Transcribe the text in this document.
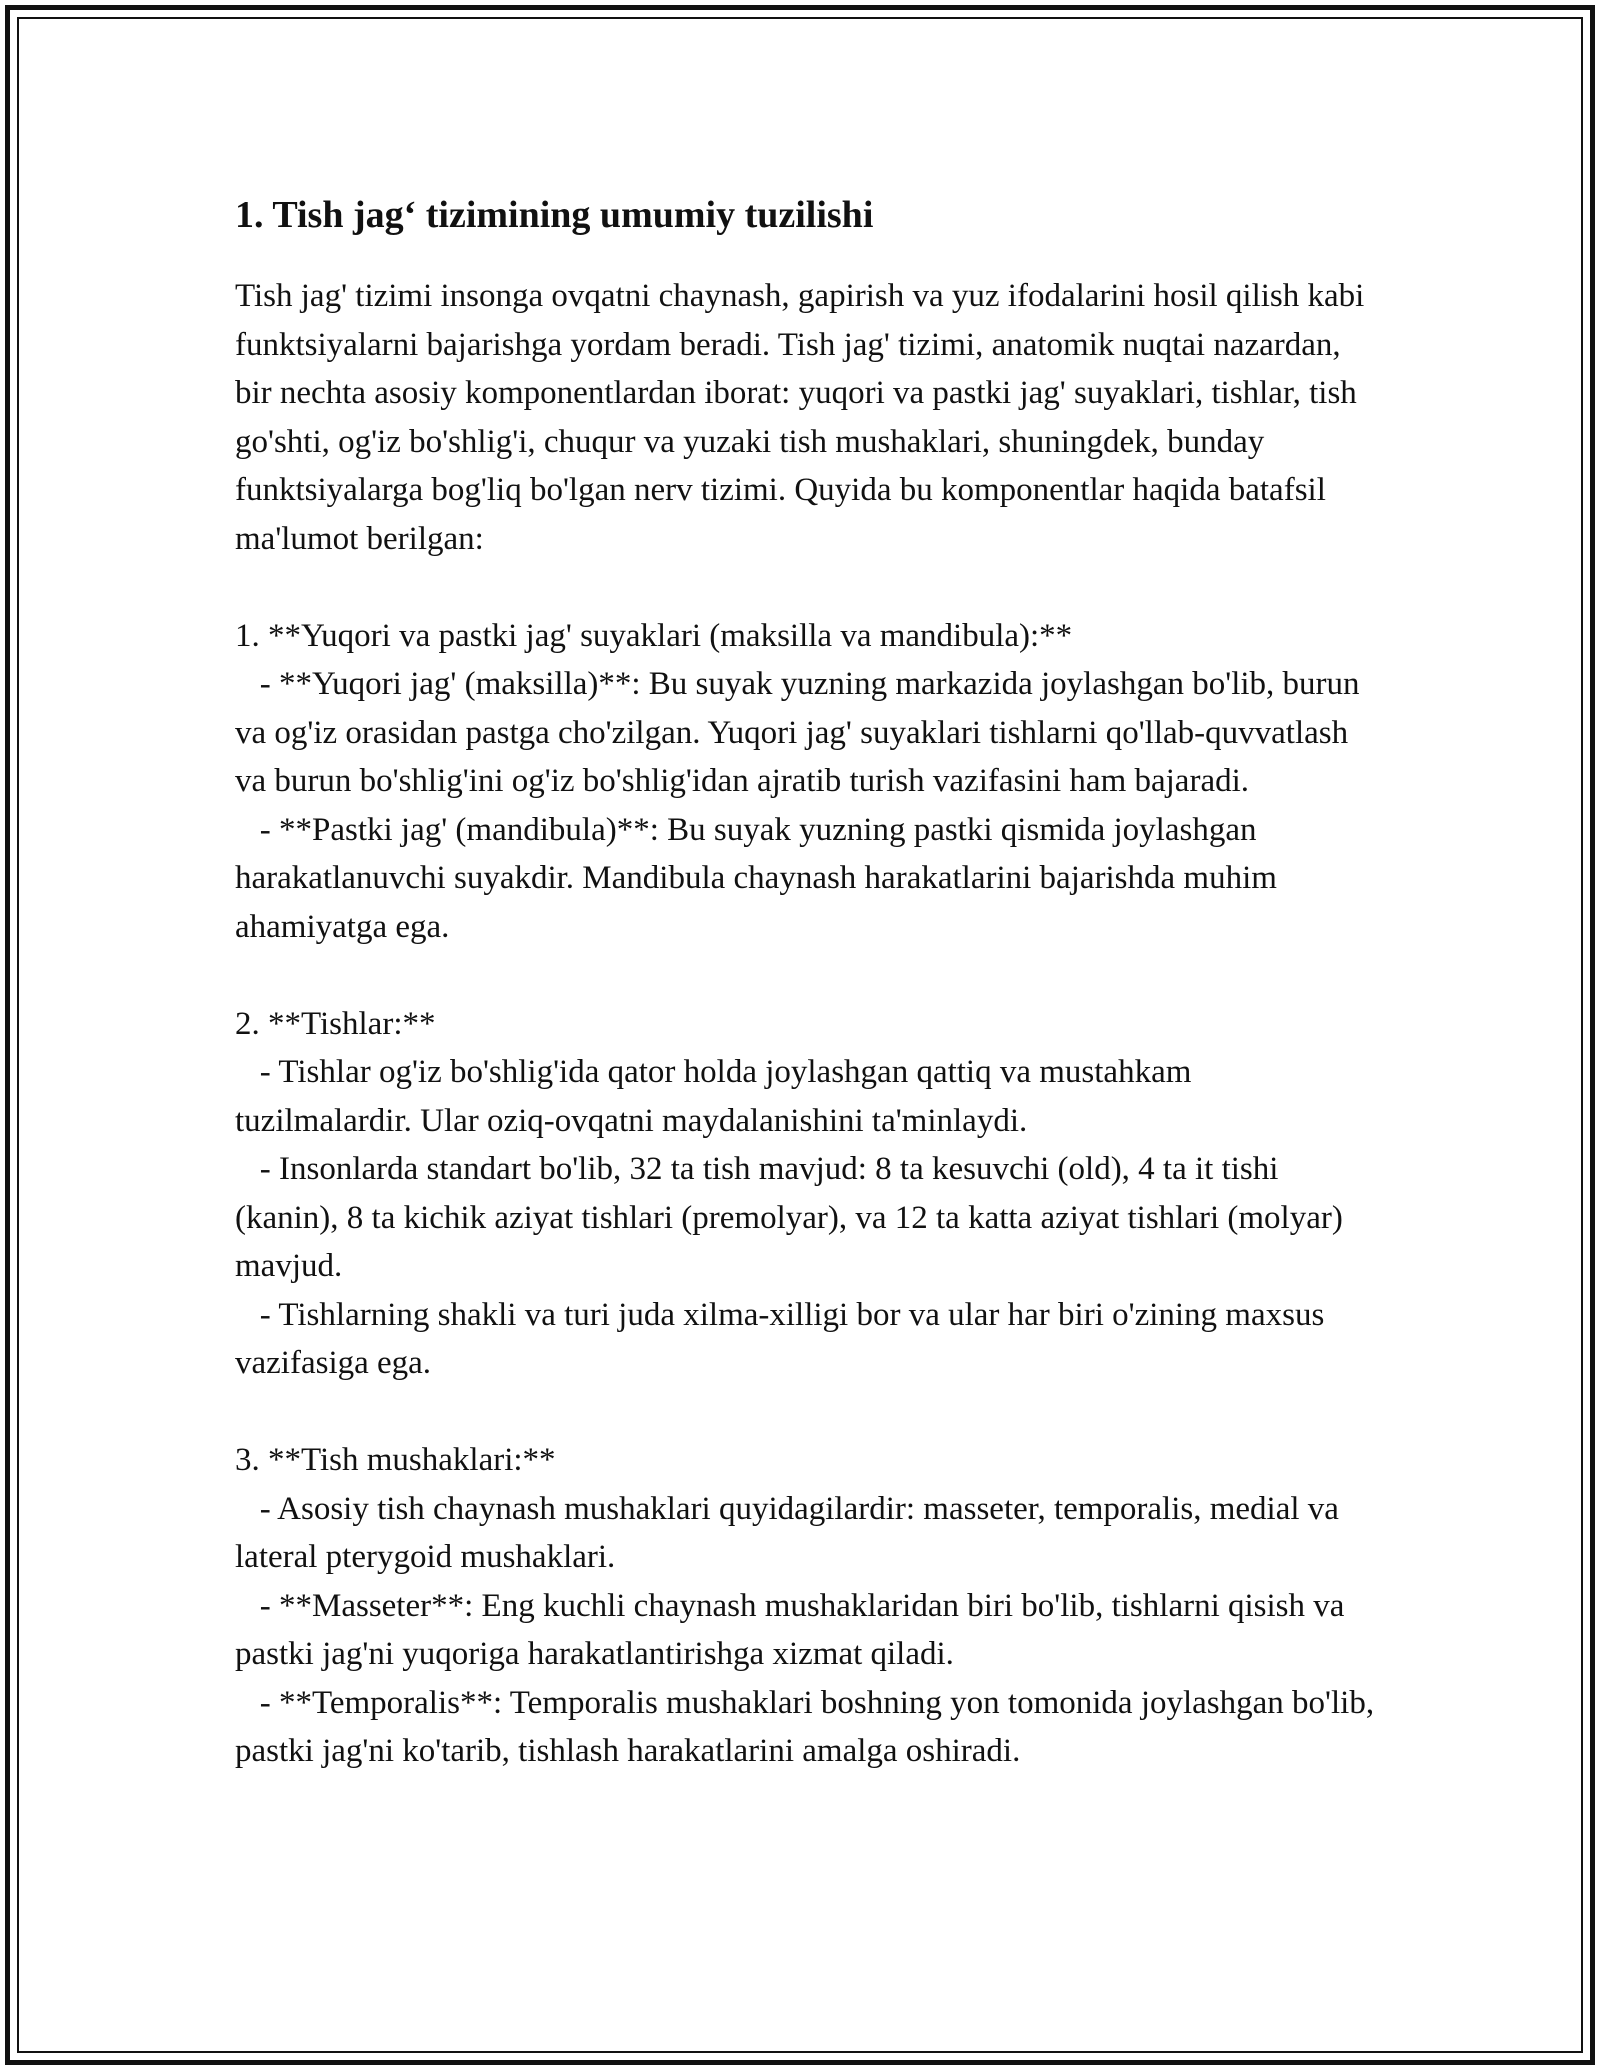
1. Tish jag‘ tizimining umumiy tuzilishi

Tish jag' tizimi insonga ovqatni chaynash, gapirish va yuz ifodalarini hosil qilish kabi funktsiyalarni bajarishga yordam beradi. Tish jag' tizimi, anatomik nuqtai nazardan, bir nechta asosiy komponentlardan iborat: yuqori va pastki jag' suyaklari, tishlar, tish go'shti, og'iz bo'shlig'i, chuqur va yuzaki tish mushaklari, shuningdek, bunday funktsiyalarga bog'liq bo'lgan nerv tizimi. Quyida bu komponentlar haqida batafsil ma'lumot berilgan:

1. **Yuqori va pastki jag' suyaklari (maksilla va mandibula):**

- **Yuqori jag' (maksilla)**: Bu suyak yuzning markazida joylashgan bo'lib, burun va og'iz orasidan pastga cho'zilgan. Yuqori jag' suyaklari tishlarni qo'llab-quvvatlash va burun bo'shlig'ini og'iz bo'shlig'idan ajratib turish vazifasini ham bajaradi.

- **Pastki jag' (mandibula)**: Bu suyak yuzning pastki qismida joylashgan harakatlanuvchi suyakdir. Mandibula chaynash harakatlarini bajarishda muhim ahamiyatga ega.

2. **Tishlar:**

- Tishlar og'iz bo'shlig'ida qator holda joylashgan qattiq va mustahkam tuzilmalardir. Ular oziq-ovqatni maydalanishini ta'minlaydi.

- Insonlarda standart bo'lib, 32 ta tish mavjud: 8 ta kesuvchi (old), 4 ta it tishi (kanin), 8 ta kichik aziyat tishlari (premolyar), va 12 ta katta aziyat tishlari (molyar) mavjud.

- Tishlarning shakli va turi juda xilma-xilligi bor va ular har biri o'zining maxsus vazifasiga ega.

3. **Tish mushaklari:**

- Asosiy tish chaynash mushaklari quyidagilardir: masseter, temporalis, medial va lateral pterygoid mushaklari.

- **Masseter**: Eng kuchli chaynash mushaklaridan biri bo'lib, tishlarni qisish va pastki jag'ni yuqoriga harakatlantirishga xizmat qiladi.

- **Temporalis**: Temporalis mushaklari boshning yon tomonida joylashgan bo'lib, pastki jag'ni ko'tarib, tishlash harakatlarini amalga oshiradi.
